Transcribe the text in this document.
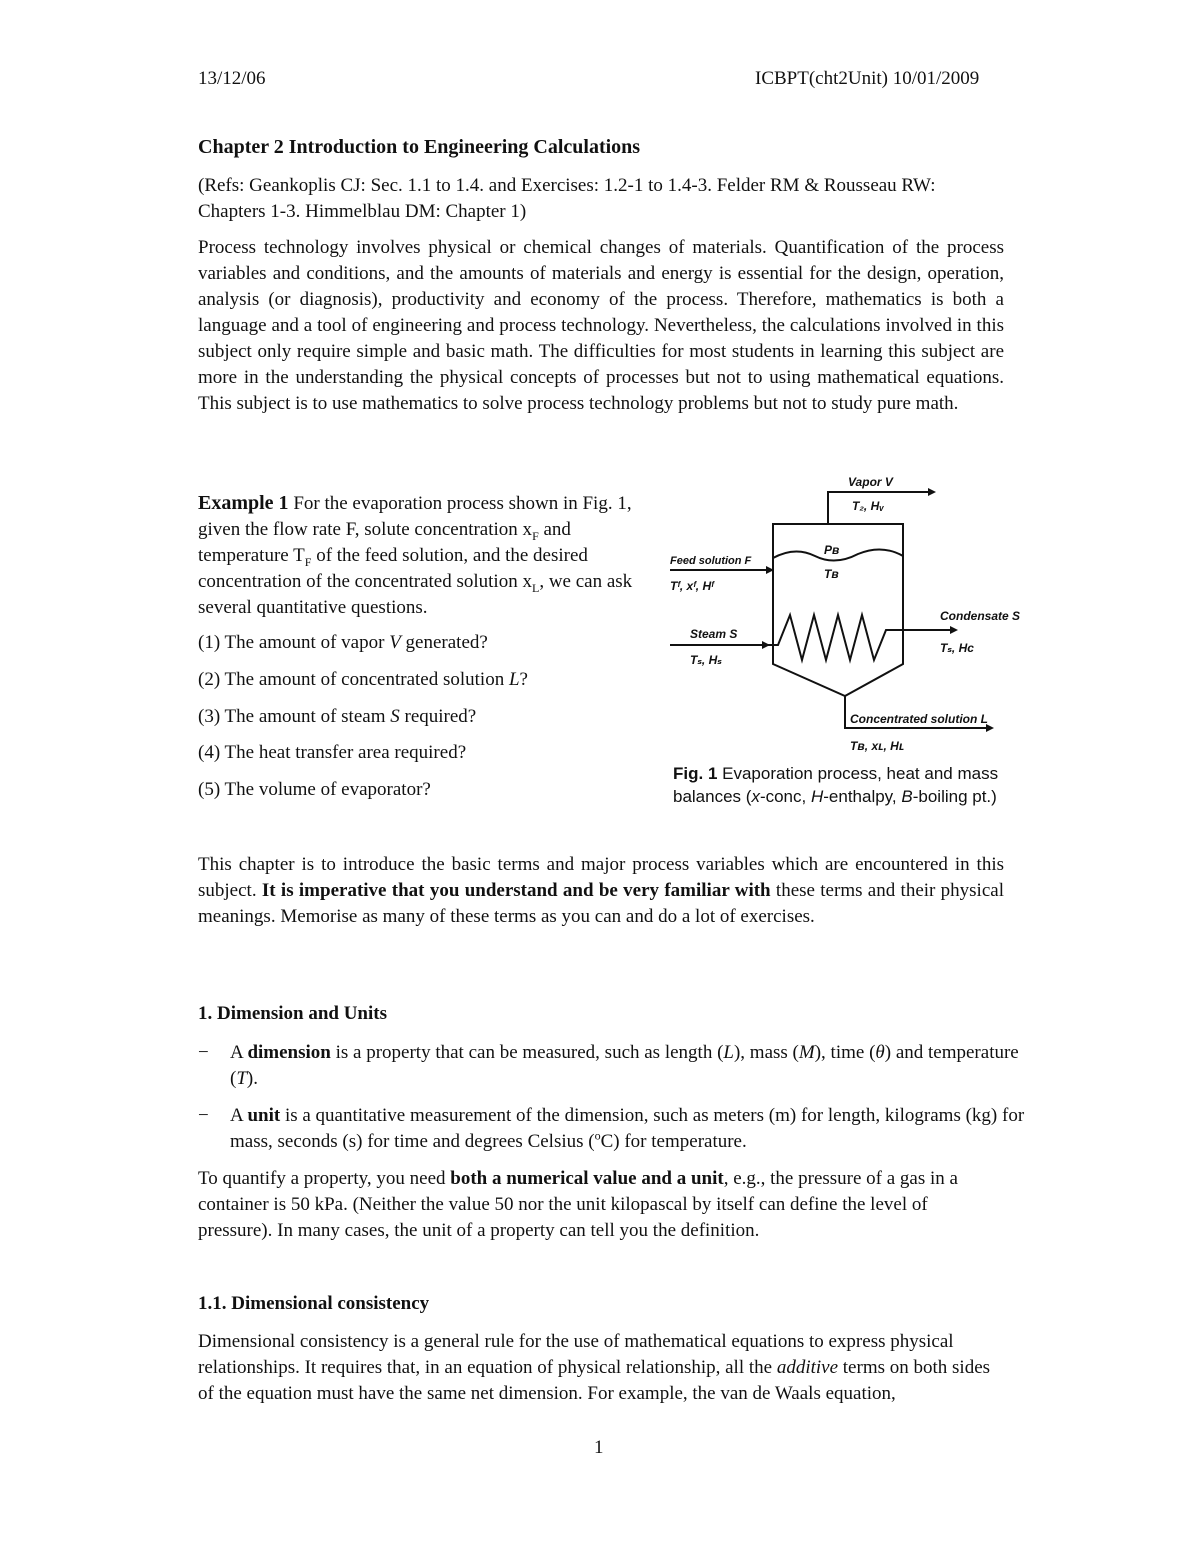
13/12/06	ICBPT(cht2Unit) 10/01/2009
Chapter 2 Introduction to Engineering Calculations

(Refs: Geankoplis CJ: Sec. 1.1 to 1.4. and Exercises: 1.2-1 to 1.4-3. Felder RM & Rousseau RW: Chapters 1-3. Himmelblau DM: Chapter 1)

Process technology involves physical or chemical changes of materials. Quantification of the process variables and conditions, and the amounts of materials and energy is essential for the design, operation, analysis (or diagnosis), productivity and economy of the process. Therefore, mathematics is both a language and a tool of engineering and process technology. Nevertheless, the calculations involved in this subject only require simple and basic math. The difficulties for most students in learning this subject are more in the understanding the physical concepts of processes but not to using mathematical equations. This subject is to use mathematics to solve process technology problems but not to study pure math.

Example 1 For the evaporation process shown in Fig. 1, given the flow rate F, solute concentration $x_F$ and temperature $T_F$ of the feed solution, and the desired concentration of the concentrated solution $x_L$, we can ask several quantitative questions.
(1) The amount of vapor V generated?
(2) The amount of concentrated solution L?
(3) The amount of steam S required?
(4) The heat transfer area required?
(5) The volume of evaporator?
Vapor V
T₂, Hᵥ
Feed solution F
Tᶠ, xᶠ, Hᶠ
Pʙ
Tʙ
Steam S
Tₛ, Hₛ
Condensate S
Tₛ, Hᴄ
Concentrated solution L
Tʙ, xʟ, Hʟ
Fig. 1 Evaporation process, heat and mass balances (x-conc, H-enthalpy, B-boiling pt.)
This chapter is to introduce the basic terms and major process variables which are encountered in this subject. It is imperative that you understand and be very familiar with these terms and their physical meanings. Memorise as many of these terms as you can and do a lot of exercises.
1. Dimension and Units
− A dimension is a property that can be measured, such as length (L), mass (M), time (θ) and temperature (T).
− A unit is a quantitative measurement of the dimension, such as meters (m) for length, kilograms (kg) for mass, seconds (s) for time and degrees Celsius ($^o$C) for temperature.
To quantify a property, you need both a numerical value and a unit, e.g., the pressure of a gas in a container is 50 kPa. (Neither the value 50 nor the unit kilopascal by itself can define the level of pressure). In many cases, the unit of a property can tell you the definition.
1.1. Dimensional consistency
Dimensional consistency is a general rule for the use of mathematical equations to express physical relationships. It requires that, in an equation of physical relationship, all the additive terms on both sides of the equation must have the same net dimension. For example, the van de Waals equation,
1
